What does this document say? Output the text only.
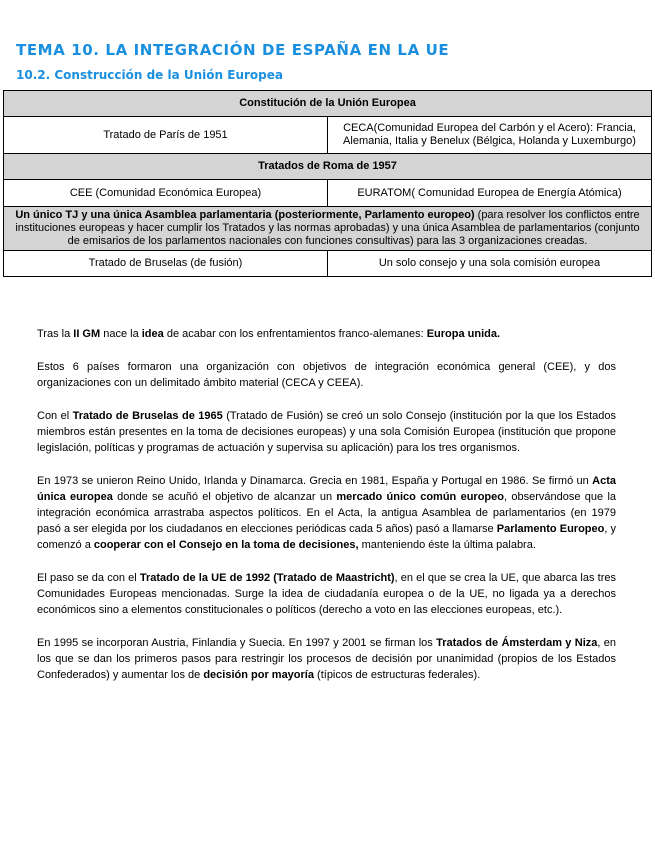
TEMA 10. LA INTEGRACIÓN DE ESPAÑA EN LA UE
10.2. Construcción de la Unión Europea
Constitución de la Unión Europea	
Tratado de París de 1951	CECA(Comunidad Europea del Carbón y el Acero): Francia, Alemania, Italia y Benelux (Bélgica, Holanda y Luxemburgo)
Tratados de Roma de 1957	
CEE (Comunidad Económica Europea)	EURATOM( Comunidad Europea de Energía Atómica)
Un único TJ y una única Asamblea parlamentaria (posteriormente, Parlamento europeo) (para resolver los conflictos entre instituciones europeas y hacer cumplir los Tratados y las normas aprobadas) y una única Asamblea de parlamentarios (conjunto de emisarios de los parlamentos nacionales con funciones consultivas) para las 3 organizaciones creadas.	
Tratado de Bruselas (de fusión)	Un solo consejo y una sola comisión europea

Tras la II GM nace la idea de acabar con los enfrentamientos franco-alemanes: Europa unida.

Estos 6 países formaron una organización con objetivos de integración económica general (CEE), y dos organizaciones con un delimitado ámbito material (CECA y CEEA).

Con el Tratado de Bruselas de 1965 (Tratado de Fusión) se creó un solo Consejo (institución por la que los Estados miembros están presentes en la toma de decisiones europeas) y una sola Comisión Europea (institución que propone legislación, políticas y programas de actuación y supervisa su aplicación) para los tres organismos.

En 1973 se unieron Reino Unido, Irlanda y Dinamarca. Grecia en 1981, España y Portugal en 1986. Se firmó un Acta única europea donde se acuñó el objetivo de alcanzar un mercado único común europeo, observándose que la integración económica arrastraba aspectos políticos. En el Acta, la antigua Asamblea de parlamentarios (en 1979 pasó a ser elegida por los ciudadanos en elecciones periódicas cada 5 años) pasó a llamarse Parlamento Europeo, y comenzó a cooperar con el Consejo en la toma de decisiones, manteniendo éste la última palabra.

El paso se da con el Tratado de la UE de 1992 (Tratado de Maastricht), en el que se crea la UE, que abarca las tres Comunidades Europeas mencionadas. Surge la idea de ciudadanía europea o de la UE, no ligada ya a derechos económicos sino a elementos constitucionales o políticos (derecho a voto en las elecciones europeas, etc.).

En 1995 se incorporan Austria, Finlandia y Suecia. En 1997 y 2001 se firman los Tratados de Ámsterdam y Niza, en los que se dan los primeros pasos para restringir los procesos de decisión por unanimidad (propios de los Estados Confederados) y aumentar los de decisión por mayoría (típicos de estructuras federales).
